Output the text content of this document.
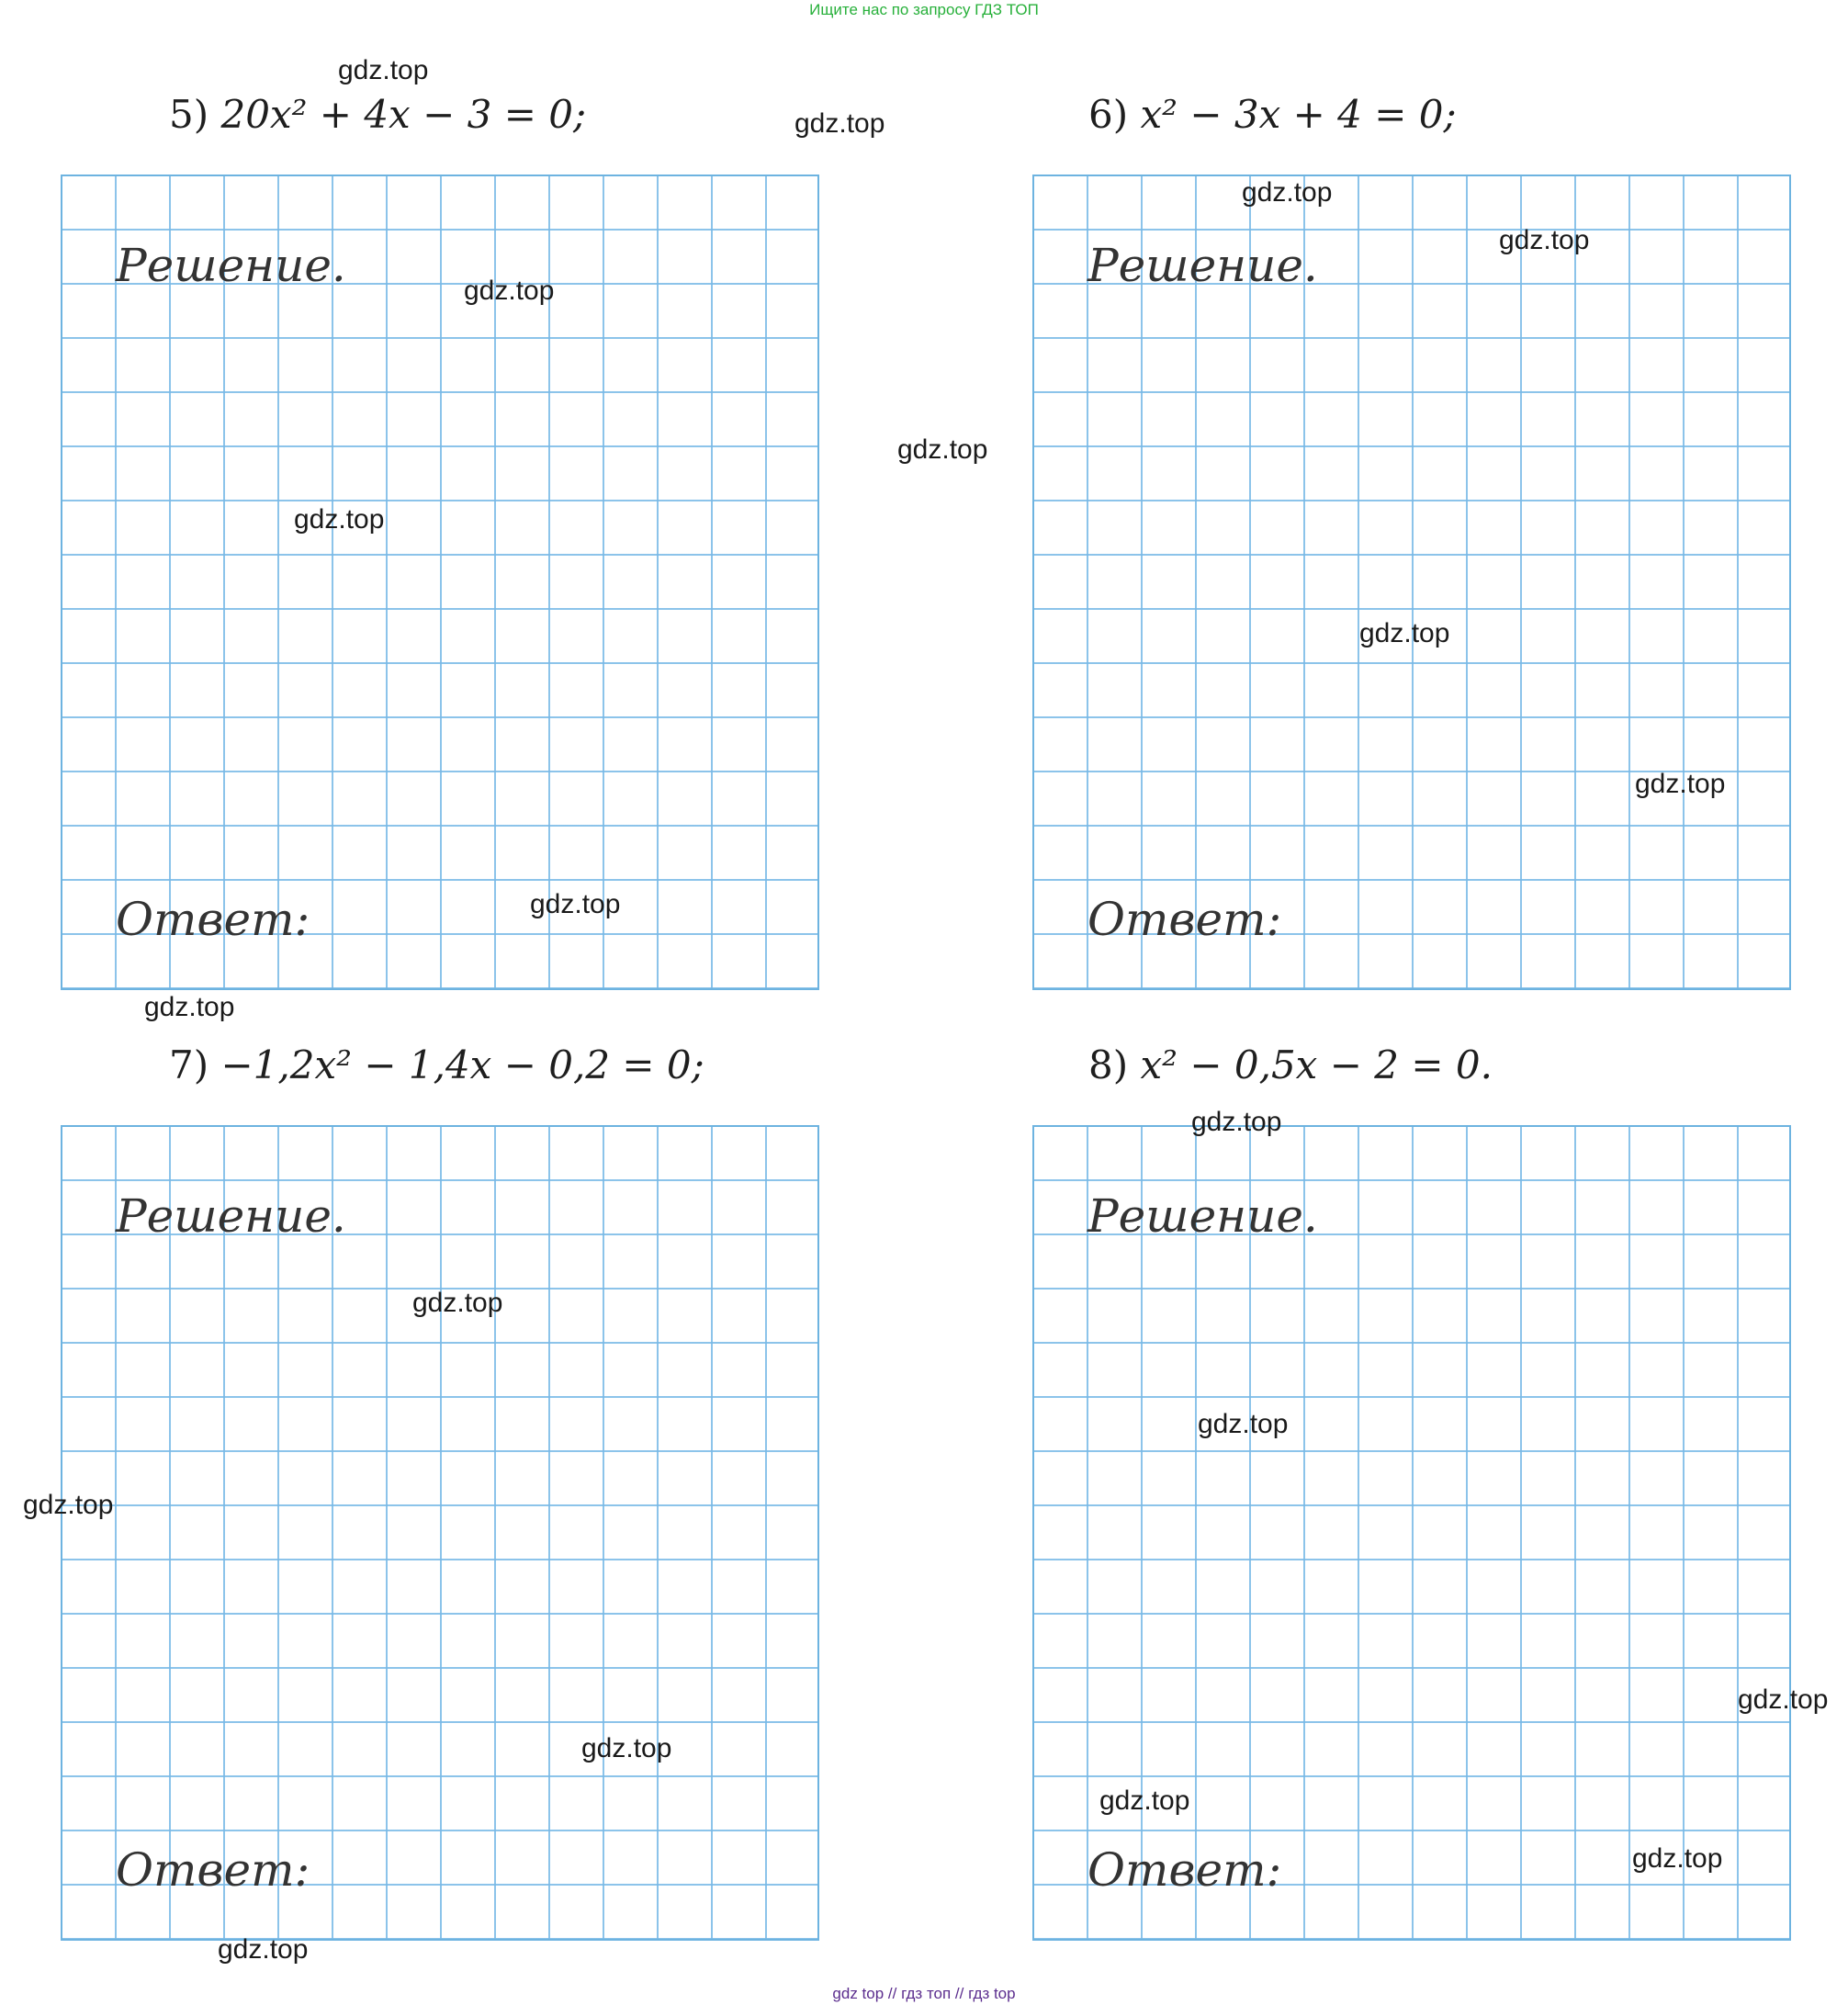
Ищите нас по запросу ГДЗ ТОП
5) 20x² + 4x − 3 = 0;
Решение.
Ответ:
6) x² − 3x + 4 = 0;
Решение.
Ответ:
7) −1,2x² − 1,4x − 0,2 = 0;
Решение.
Ответ:
8) x² − 0,5x − 2 = 0.
Решение.
Ответ:
gdz.top
gdz.top
gdz.top
gdz.top
gdz.top
gdz.top
gdz.top
gdz.top
gdz.top
gdz.top
gdz.top
gdz.top
gdz.top
gdz.top
gdz.top
gdz.top
gdz.top
gdz.top
gdz.top
gdz.top
gdz top // гдз топ // гдз top
